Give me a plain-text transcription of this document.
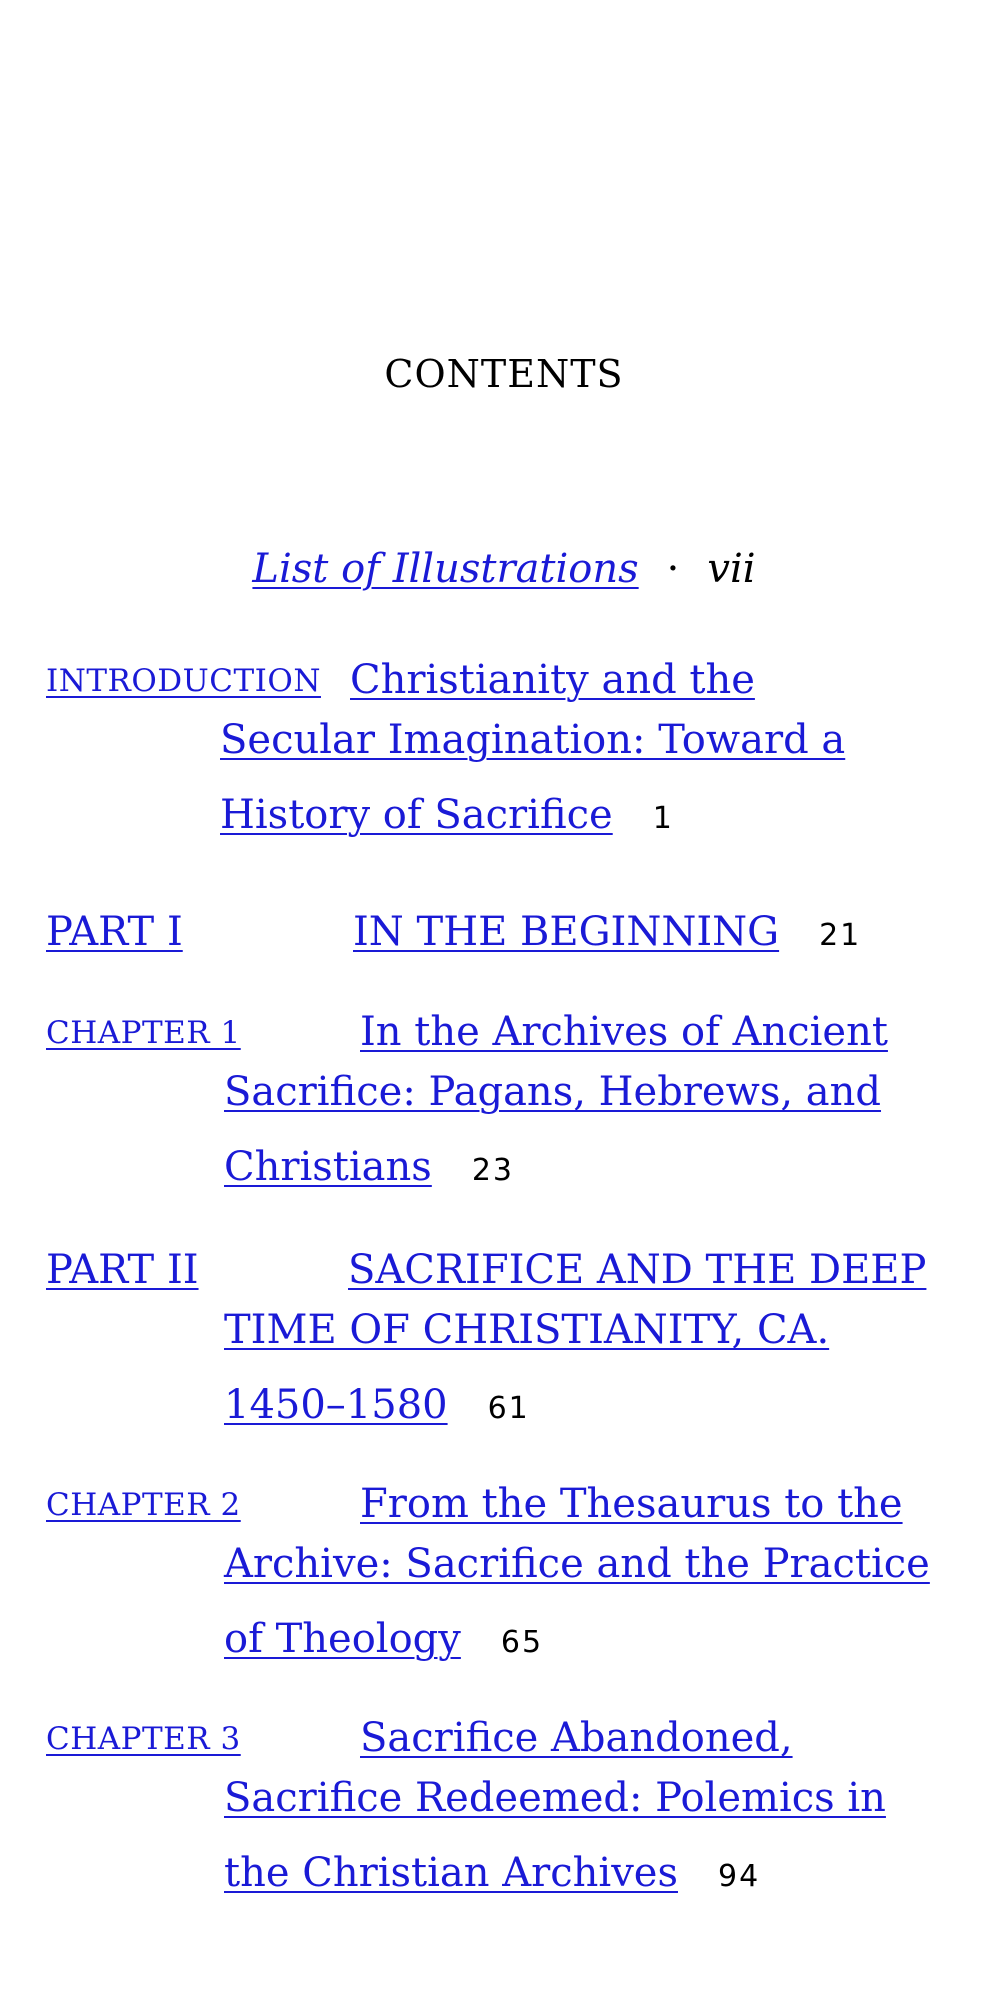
CONTENTS
List of Illustrations · vii
INTRODUCTION Christianity and the
Secular Imagination: Toward a
History of Sacrifice 1
PART I	IN THE BEGINNING 21
CHAPTER 1	In the Archives of Ancient
Sacrifice: Pagans, Hebrews, and
Christians 23
PART II	SACRIFICE AND THE DEEP
TIME OF CHRISTIANITY, CA.
1450–1580 61
CHAPTER 2	From the Thesaurus to the
Archive: Sacrifice and the Practice
of Theology 65
CHAPTER 3	Sacrifice Abandoned,
Sacrifice Redeemed: Polemics in
the Christian Archives 94
